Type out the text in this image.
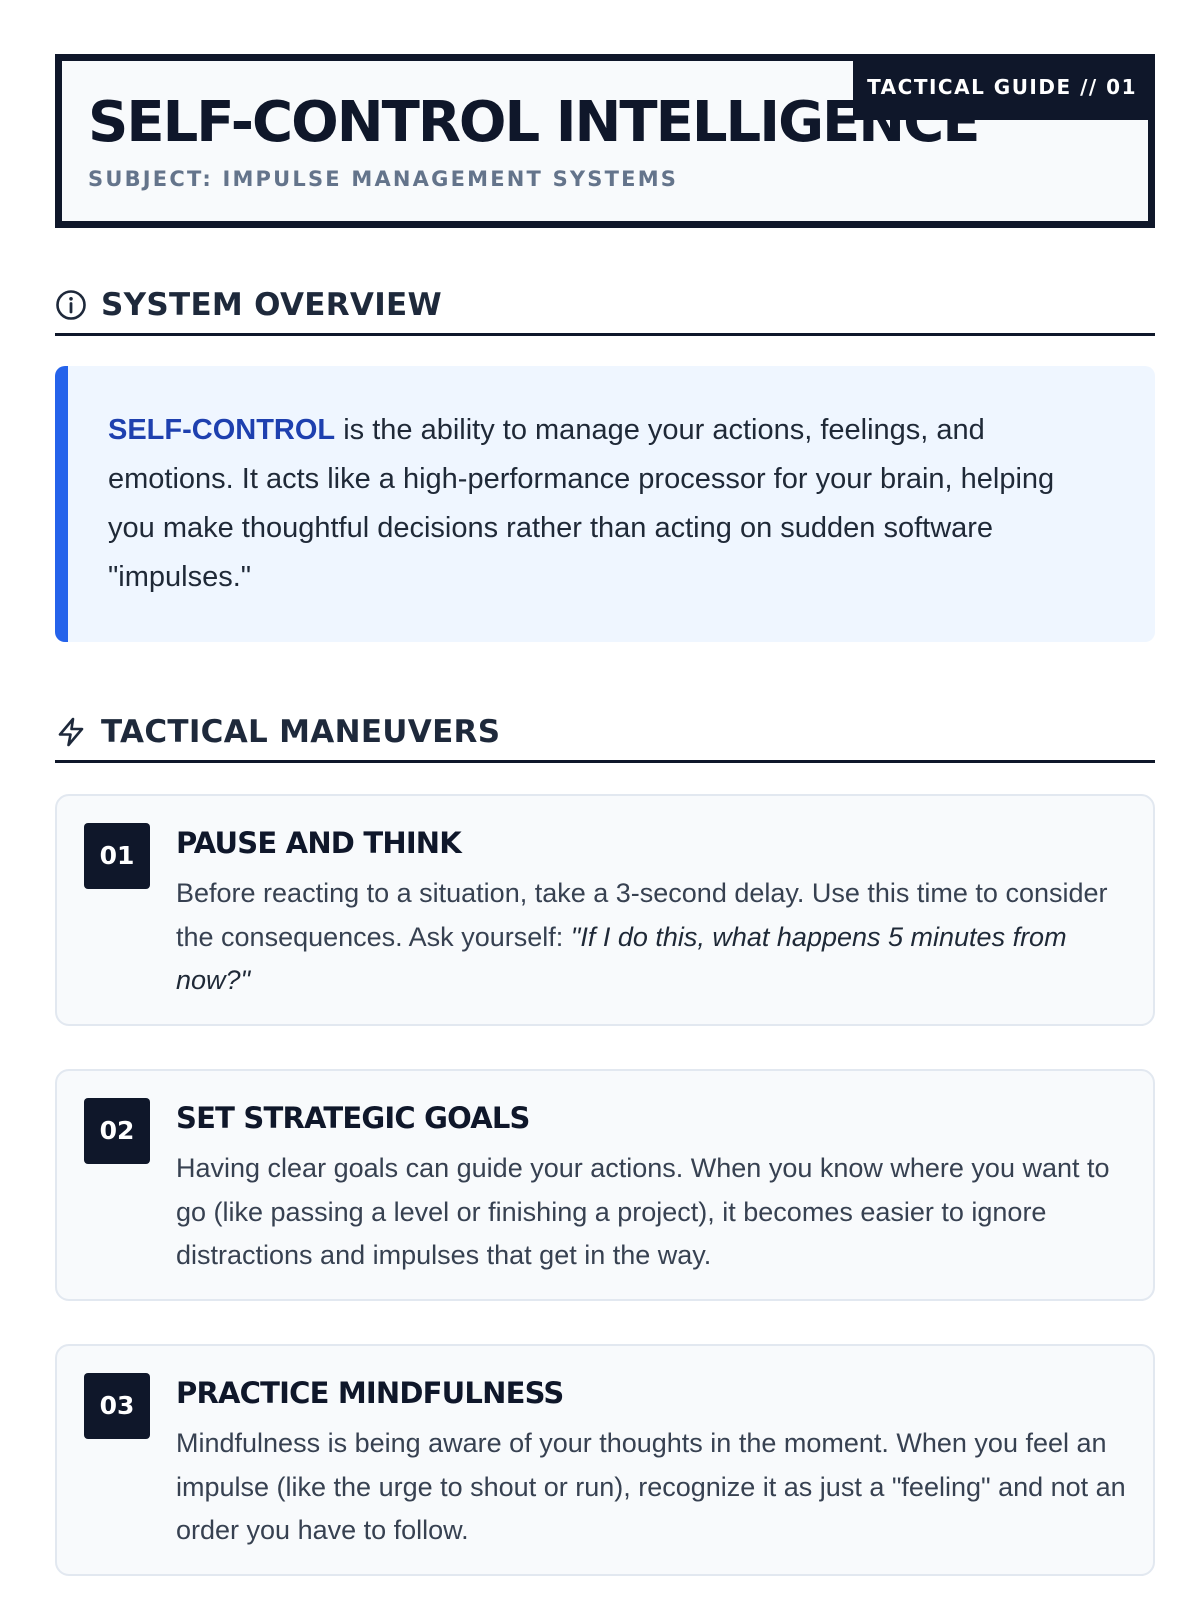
SELF-CONTROL INTELLIGENCE
SUBJECT: IMPULSE MANAGEMENT SYSTEMS
TACTICAL GUIDE // 01
SYSTEM OVERVIEW

SELF-CONTROL is the ability to manage your actions, feelings, and emotions. It acts like a high-performance processor for your brain, helping you make thoughtful decisions rather than acting on sudden software "impulses."

TACTICAL MANEUVERS
01	PAUSE AND THINK

Before reacting to a situation, take a 3-second delay. Use this time to consider the consequences. Ask yourself: "If I do this, what happens 5 minutes from now?"

02	SET STRATEGIC GOALS

Having clear goals can guide your actions. When you know where you want to go (like passing a level or finishing a project), it becomes easier to ignore distractions and impulses that get in the way.

03	PRACTICE MINDFULNESS

Mindfulness is being aware of your thoughts in the moment. When you feel an impulse (like the urge to shout or run), recognize it as just a "feeling" and not an order you have to follow.
